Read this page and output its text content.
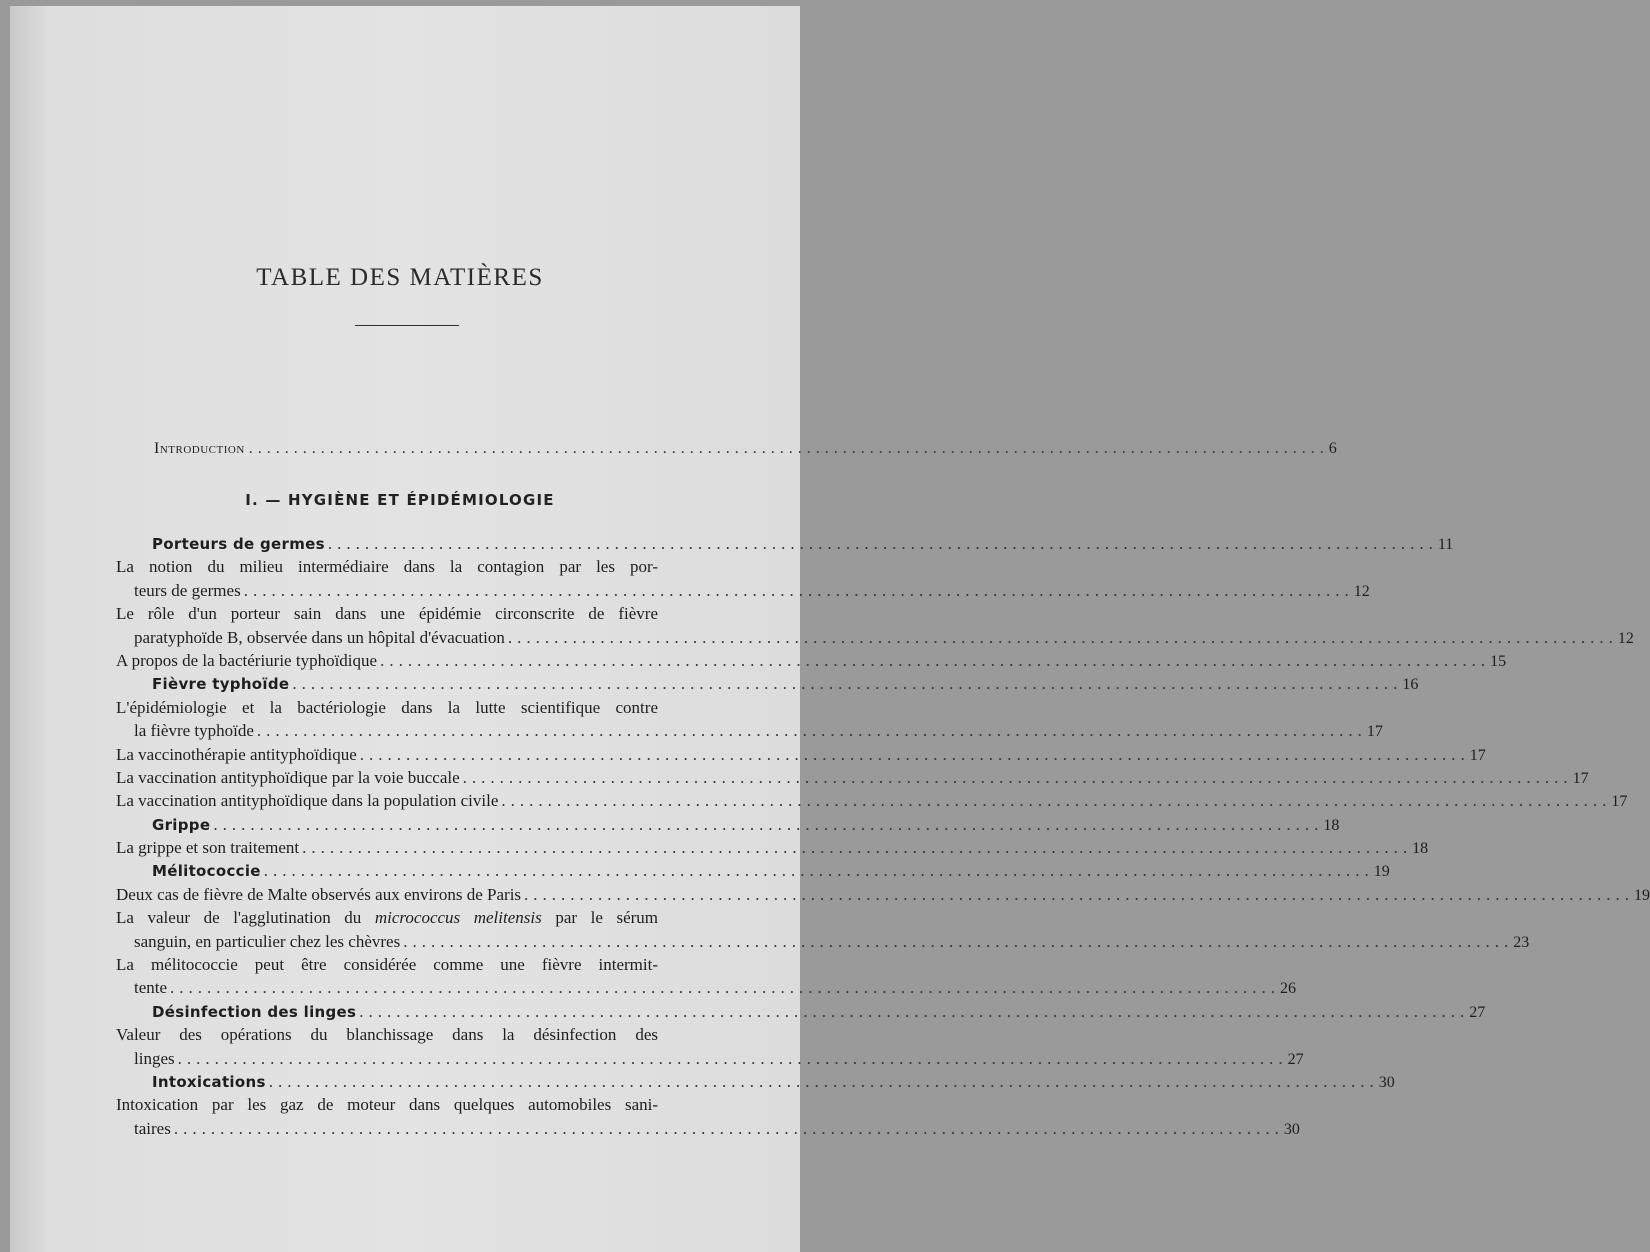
TABLE DES MATIÈRES
Introduction ........................................................................................................................ 6
I. — HYGIÈNE ET ÉPIDÉMIOLOGIE
Porteurs de germes ........................................................................................................................ 11
La notion du milieu intermédiaire dans la contagion par les por-
teurs de germes ........................................................................................................................ 12
Le rôle d'un porteur sain dans une épidémie circonscrite de fièvre
paratyphoïde B, observée dans un hôpital d'évacuation ........................................................................................................................ 12
A propos de la bactériurie typhoïdique ........................................................................................................................ 15
Fièvre typhoïde ........................................................................................................................ 16
L'épidémiologie et la bactériologie dans la lutte scientifique contre
la fièvre typhoïde ........................................................................................................................ 17
La vaccinothérapie antityphoïdique ........................................................................................................................ 17
La vaccination antityphoïdique par la voie buccale ........................................................................................................................ 17
La vaccination antityphoïdique dans la population civile ........................................................................................................................ 17
Grippe ........................................................................................................................ 18
La grippe et son traitement ........................................................................................................................ 18
Mélitococcie ........................................................................................................................ 19
Deux cas de fièvre de Malte observés aux environs de Paris ........................................................................................................................ 19
La valeur de l'agglutination du micrococcus melitensis par le sérum
sanguin, en particulier chez les chèvres ........................................................................................................................ 23
La mélitococcie peut être considérée comme une fièvre intermit-
tente ........................................................................................................................ 26
Désinfection des linges ........................................................................................................................ 27
Valeur des opérations du blanchissage dans la désinfection des
linges ........................................................................................................................ 27
Intoxications ........................................................................................................................ 30
Intoxication par les gaz de moteur dans quelques automobiles sani-
taires ........................................................................................................................ 30
